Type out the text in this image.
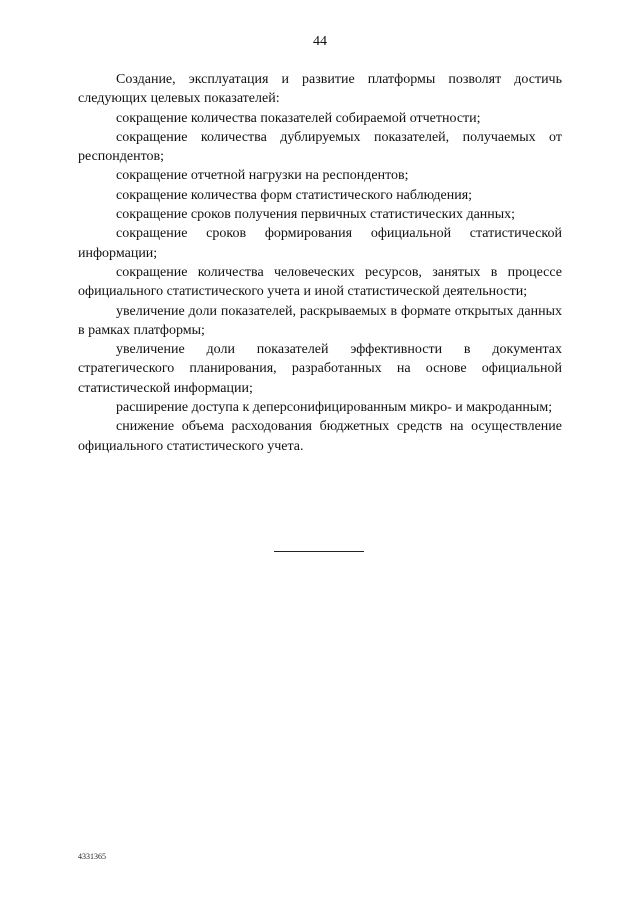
44

Создание, эксплуатация и развитие платформы позволят достичь следующих целевых показателей:

сокращение количества показателей собираемой отчетности;

сокращение количества дублируемых показателей, получаемых от респондентов;

сокращение отчетной нагрузки на респондентов;

сокращение количества форм статистического наблюдения;

сокращение сроков получения первичных статистических данных;

сокращение сроков формирования официальной статистической информации;

сокращение количества человеческих ресурсов, занятых в процессе официального статистического учета и иной статистической деятельности;

увеличение доли показателей, раскрываемых в формате открытых данных в рамках платформы;

увеличение доли показателей эффективности в документах стратегического планирования, разработанных на основе официальной статистической информации;

расширение доступа к деперсонифицированным микро- и макроданным;

снижение объема расходования бюджетных средств на осуществление официального статистического учета.

4331365
